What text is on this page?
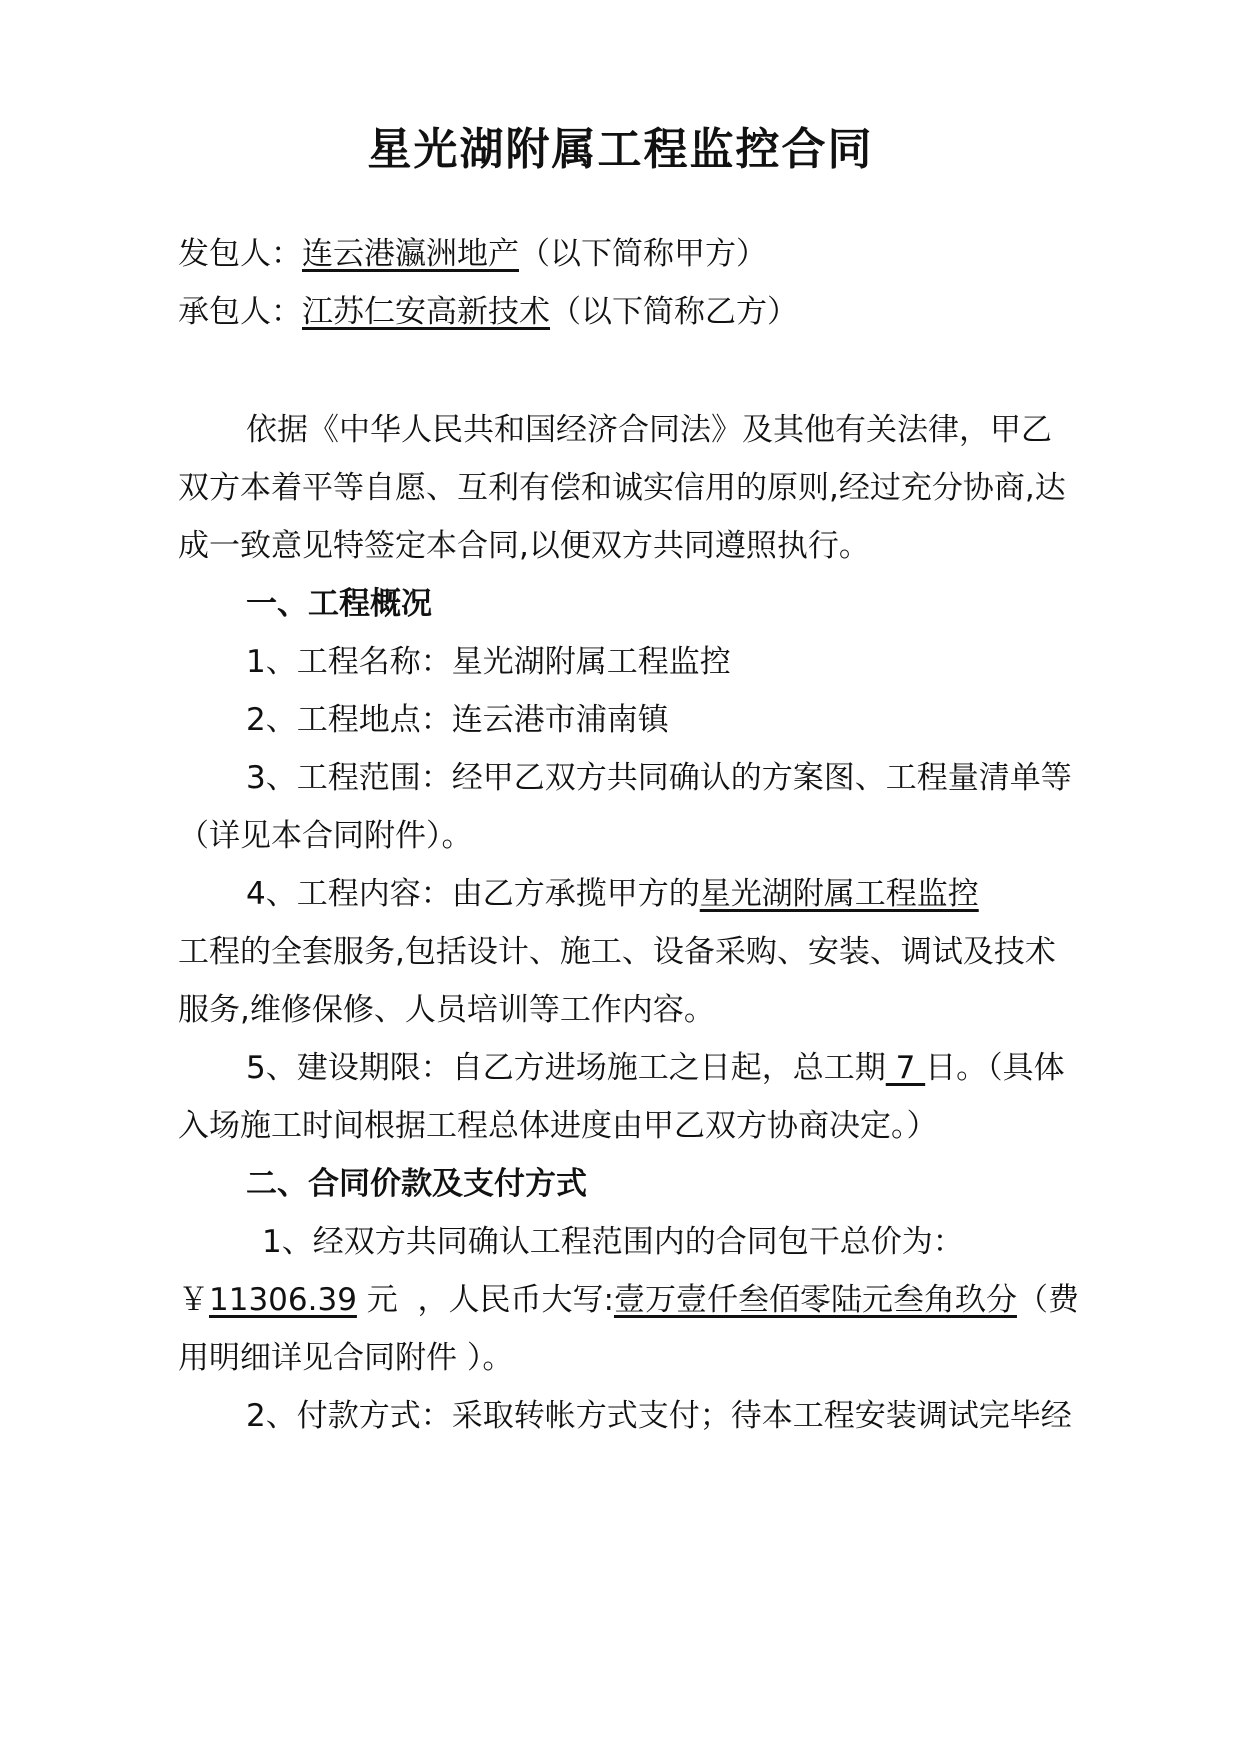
星光湖附属工程监控合同
发包人：连云港瀛洲地产（以下简称甲方）
承包人：江苏仁安高新技术（以下简称乙方）
依据《中华人民共和国经济合同法》及其他有关法律，甲乙
双方本着平等自愿、互利有偿和诚实信用的原则,经过充分协商,达
成一致意见特签定本合同,以便双方共同遵照执行。
一、工程概况
1、工程名称：星光湖附属工程监控
2、工程地点：连云港市浦南镇
3、工程范围：经甲乙双方共同确认的方案图、工程量清单等
（详见本合同附件）。
4、工程内容：由乙方承揽甲方的星光湖附属工程监控
工程的全套服务,包括设计、施工、设备采购、安装、调试及技术
服务,维修保修、人员培训等工作内容。
5、建设期限：自乙方进场施工之日起，总工期 7 日。（具体
入场施工时间根据工程总体进度由甲乙双方协商决定。）
二、合同价款及支付方式
1、经双方共同确认工程范围内的合同包干总价为：
￥11306.39 元 ，人民币大写:壹万壹仟叁佰零陆元叁角玖分（费
用明细详见合同附件 ）。
2、付款方式：采取转帐方式支付；待本工程安装调试完毕经
